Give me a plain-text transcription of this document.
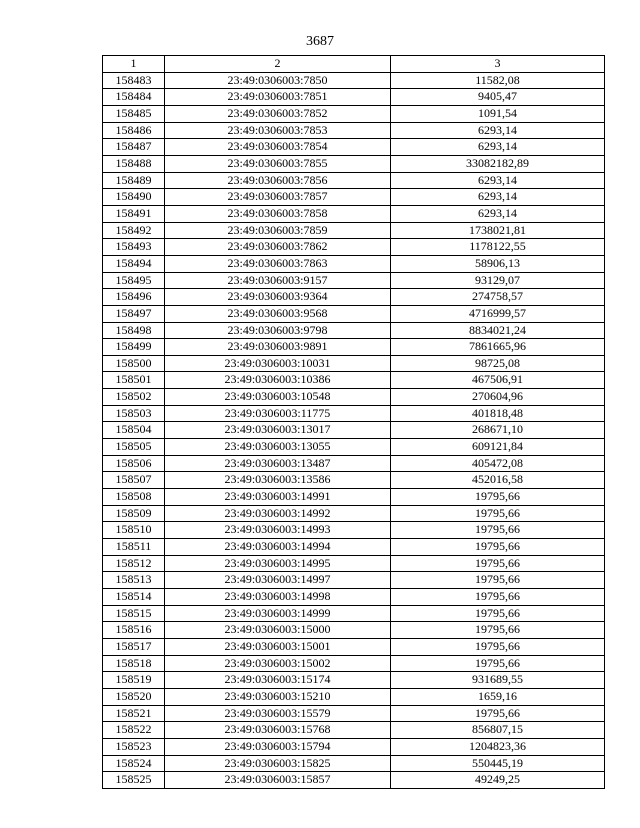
3687
1	2	3
158483	23:49:0306003:7850	11582,08
158484	23:49:0306003:7851	9405,47
158485	23:49:0306003:7852	1091,54
158486	23:49:0306003:7853	6293,14
158487	23:49:0306003:7854	6293,14
158488	23:49:0306003:7855	33082182,89
158489	23:49:0306003:7856	6293,14
158490	23:49:0306003:7857	6293,14
158491	23:49:0306003:7858	6293,14
158492	23:49:0306003:7859	1738021,81
158493	23:49:0306003:7862	1178122,55
158494	23:49:0306003:7863	58906,13
158495	23:49:0306003:9157	93129,07
158496	23:49:0306003:9364	274758,57
158497	23:49:0306003:9568	4716999,57
158498	23:49:0306003:9798	8834021,24
158499	23:49:0306003:9891	7861665,96
158500	23:49:0306003:10031	98725,08
158501	23:49:0306003:10386	467506,91
158502	23:49:0306003:10548	270604,96
158503	23:49:0306003:11775	401818,48
158504	23:49:0306003:13017	268671,10
158505	23:49:0306003:13055	609121,84
158506	23:49:0306003:13487	405472,08
158507	23:49:0306003:13586	452016,58
158508	23:49:0306003:14991	19795,66
158509	23:49:0306003:14992	19795,66
158510	23:49:0306003:14993	19795,66
158511	23:49:0306003:14994	19795,66
158512	23:49:0306003:14995	19795,66
158513	23:49:0306003:14997	19795,66
158514	23:49:0306003:14998	19795,66
158515	23:49:0306003:14999	19795,66
158516	23:49:0306003:15000	19795,66
158517	23:49:0306003:15001	19795,66
158518	23:49:0306003:15002	19795,66
158519	23:49:0306003:15174	931689,55
158520	23:49:0306003:15210	1659,16
158521	23:49:0306003:15579	19795,66
158522	23:49:0306003:15768	856807,15
158523	23:49:0306003:15794	1204823,36
158524	23:49:0306003:15825	550445,19
158525	23:49:0306003:15857	49249,25
